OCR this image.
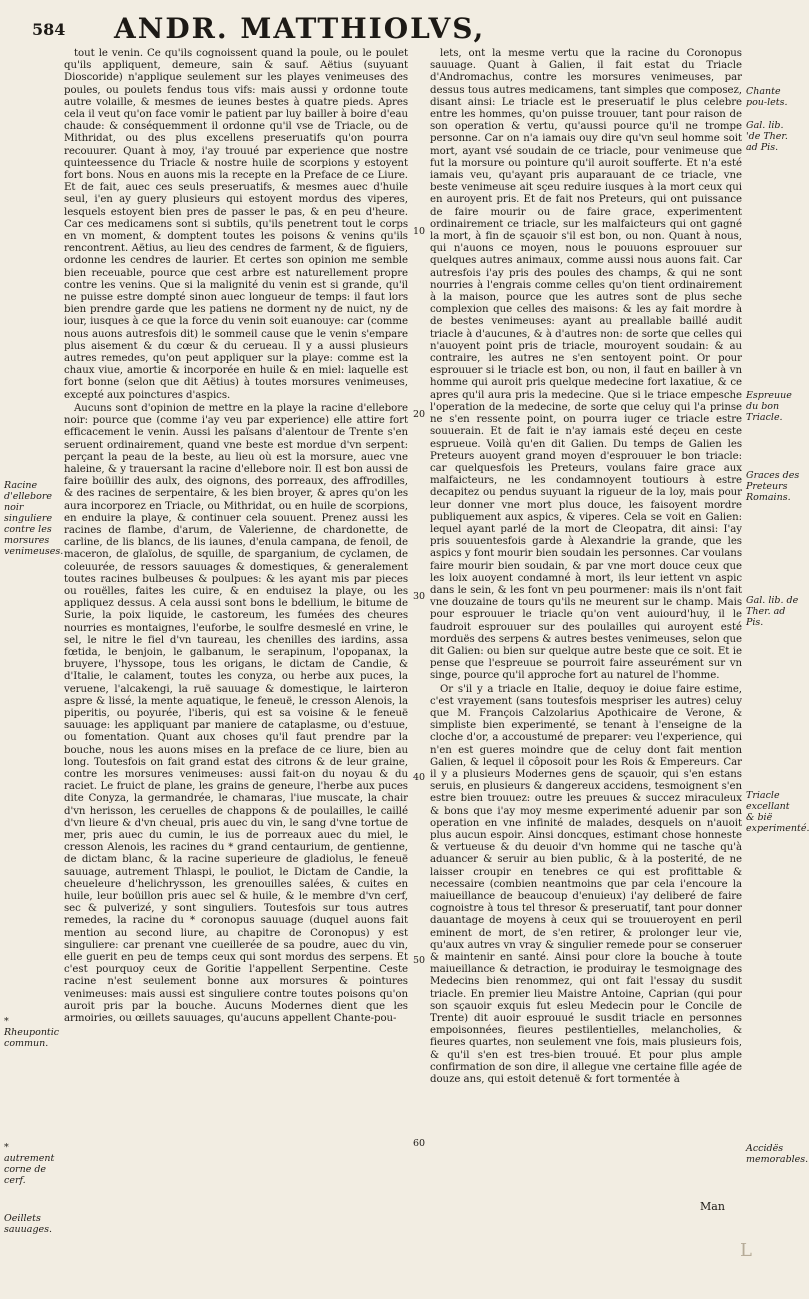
584 ANDR. MATTHIOLVS,

tout le venin. Ce qu'ils cognoissent quand la poule, ou le poulet qu'ils appliquent, demeure, sain & sauf. Aëtius (suyuant Dioscoride) n'applique seulement sur les playes venimeuses des poules, ou poulets fendus tous vifs: mais aussi y ordonne toute autre volaille, & mesmes de ieunes bestes à quatre pieds. Apres cela il veut qu'on face vomir le patient par luy bailler à boire d'eau chaude: & conséquemment il ordonne qu'il vse de Triacle, ou de Mithridat, ou des plus excellens preseruatifs qu'on pourra recouurer. Quant à moy, i'ay trouué par experience que nostre quinteessence du Triacle & nostre huile de scorpions y estoyent fort bons. Nous en auons mis la recepte en la Preface de ce Liure. Et de fait, auec ces seuls preseruatifs, & mesmes auec d'huile seul, i'en ay guery plusieurs qui estoyent mordus des viperes, lesquels estoyent bien pres de passer le pas, & en peu d'heure. Car ces medicamens sont si subtils, qu'ils penetrent tout le corps en vn moment, & domptent toutes les poisons & venins qu'ils rencontrent. Aëtius, au lieu des cendres de farment, & de figuiers, ordonne les cendres de laurier. Et certes son opinion me semble bien receuable, pource que cest arbre est naturellement propre contre les venins. Que si la malignité du venin est si grande, qu'il ne puisse estre dompté sinon auec longueur de temps: il faut lors bien prendre garde que les patiens ne dorment ny de nuict, ny de iour, iusques à ce que la force du venin soit euanouye: car (comme nous auons autresfois dit) le sommeil cause que le venin s'empare plus aisement & du cœur & du cerueau. Il y a aussi plusieurs autres remedes, qu'on peut appliquer sur la playe: comme est la chaux viue, amortie & incorporée en huile & en miel: laquelle est fort bonne (selon que dit Aëtius) à toutes morsures venimeuses, excepté aux poinctures d'aspics.

Aucuns sont d'opinion de mettre en la playe la racine d'ellebore noir: pource que (comme i'ay veu par experience) elle attire fort efficacement le venin. Aussi les païsans d'alentour de Trente s'en seruent ordinairement, quand vne beste est mordue d'vn serpent: perçant la peau de la beste, au lieu où est la morsure, auec vne haleine, & y trauersant la racine d'ellebore noir. Il est bon aussi de faire boüillir des aulx, des oignons, des porreaux, des affrodilles, & des racines de serpentaire, & les bien broyer, & apres qu'on les aura incorporez en Triacle, ou Mithridat, ou en huile de scorpions, en enduire la playe, & continuer cela souuent. Prenez aussi les racines de flambe, d'arum, de Valerienne, de chardonette, de carline, de lis blancs, de lis iaunes, d'enula campana, de fenoil, de maceron, de glaïolus, de squille, de sparganium, de cyclamen, de coleuurée, de ressors sauuages & domestiques, & generalement toutes racines bulbeuses & poulpues: & les ayant mis par pieces ou rouëlles, faites les cuire, & en enduisez la playe, ou les appliquez dessus. A cela aussi sont bons le bdellium, le bitume de Surie, la poix liquide, le castoreum, les fumées des cheures nourries es montaignes, l'euforbe, le soulfre desmeslé en vrine, le sel, le nitre le fiel d'vn taureau, les chenilles des iardins, assa fœtida, le benjoin, le galbanum, le serapinum, l'opopanax, la bruyere, l'hyssope, tous les origans, le dictam de Candie, & d'Italie, le calament, toutes les conyza, ou herbe aux puces, la veruene, l'alcakengi, la ruë sauuage & domestique, le lairteron aspre & lissé, la mente aquatique, le feneuë, le cresson Alenois, la piperitis, ou poyurée, l'iberis, qui est sa voisine & le feneuë sauuage: les appliquant par maniere de cataplasme, ou d'estuue, ou fomentation. Quant aux choses qu'il faut prendre par la bouche, nous les auons mises en la preface de ce liure, bien au long. Toutesfois on fait grand estat des citrons & de leur graine, contre les morsures venimeuses: aussi fait-on du noyau & du raciet. Le fruict de plane, les grains de geneure, l'herbe aux puces dite Conyza, la germandrée, le chamaras, l'iue muscate, la chair d'vn herisson, les ceruelles de chappons & de poulailles, le caillé d'vn lieure & d'vn cheual, pris auec du vin, le sang d'vne tortue de mer, pris auec du cumin, le ius de porreaux auec du miel, le cresson Alenois, les racines du * grand centaurium, de gentienne, de dictam blanc, & la racine superieure de gladiolus, le feneuë sauuage, autrement Thlaspi, le pouliot, le Dictam de Candie, la cheueleure d'helichrysson, les grenouilles salées, & cuites en huile, leur boüillon pris auec sel & huile, & le membre d'vn cerf, sec & pulverizé, y sont singuliers. Toutesfois sur tous autres remedes, la racine du * coronopus sauuage (duquel auons fait mention au second liure, au chapitre de Coronopus) y est singuliere: car prenant vne cueillerée de sa poudre, auec du vin, elle guerit en peu de temps ceux qui sont mordus des serpens. Et c'est pourquoy ceux de Goritie l'appellent Serpentine. Ceste racine n'est seulement bonne aux morsures & pointures venimeuses: mais aussi est singuliere contre toutes poisons qu'on auroit pris par la bouche. Aucuns Modernes dient que les armoiries, ou œillets sauuages, qu'aucuns appellent Chante-pou-

lets, ont la mesme vertu que la racine du Coronopus sauuage. Quant à Galien, il fait estat du Triacle d'Andromachus, contre les morsures venimeuses, par dessus tous autres medicamens, tant simples que composez, disant ainsi: Le triacle est le preseruatif le plus celebre entre les hommes, qu'on puisse trouuer, tant pour raison de son operation & vertu, qu'aussi pource qu'il ne trompe personne. Car on n'a iamais ouy dire qu'vn seul homme soit mort, ayant vsé soudain de ce triacle, pour venimeuse que fut la morsure ou pointure qu'il auroit soufferte. Et n'a esté iamais veu, qu'ayant pris auparauant de ce triacle, vne beste venimeuse ait sçeu reduire iusques à la mort ceux qui en auroyent pris. Et de fait nos Preteurs, qui ont puissance de faire mourir ou de faire grace, experimentent ordinairement ce triacle, sur les malfaicteurs qui ont gagné la mort, à fin de sçauoir s'il est bon, ou non. Quant à nous, qui n'auons ce moyen, nous le pouuons esprouuer sur quelques autres animaux, comme aussi nous auons fait. Car autresfois i'ay pris des poules des champs, & qui ne sont nourries à l'engrais comme celles qu'on tient ordinairement à la maison, pource que les autres sont de plus seche complexion que celles des maisons: & les ay fait mordre à de bestes venimeuses: ayant au preallable baillé audit triacle à d'aucunes, & à d'autres non: de sorte que celles qui n'auoyent point pris de triacle, mouroyent soudain: & au contraire, les autres ne s'en sentoyent point. Or pour esprouuer si le triacle est bon, ou non, il faut en bailler à vn homme qui auroit pris quelque medecine fort laxatiue, & ce apres qu'il aura pris la medecine. Que si le triace empesche l'operation de la medecine, de sorte que celuy qui l'a prinse ne s'en ressente point, on pourra iuger ce triacle estre souuerain. Et de fait ie n'ay iamais esté deçeu en ceste esprueue. Voilà qu'en dit Galien. Du temps de Galien les Preteurs auoyent grand moyen d'esprouuer le bon triacle: car quelquesfois les Preteurs, voulans faire grace aux malfaicteurs, ne les condamnoyent toutiours à estre decapitez ou pendus suyuant la rigueur de la loy, mais pour leur donner vne mort plus douce, les faisoyent mordre publiquement aux aspics, & viperes. Cela se voit en Galien: lequel ayant parlé de la mort de Cleopatra, dit ainsi: I'ay pris souuentesfois garde à Alexandrie la grande, que les aspics y font mourir bien soudain les personnes. Car voulans faire mourir bien soudain, & par vne mort douce ceux que les loix auoyent condamné à mort, ils leur iettent vn aspic dans le sein, & les font vn peu pourmener: mais ils n'ont fait vne douzaine de tours qu'ils ne meurent sur le champ. Mais pour esprouuer le triacle qu'on vent auiourd'huy, il le faudroit esprouuer sur des poulailles qui auroyent esté morduës des serpens & autres bestes venimeuses, selon que dit Galien: ou bien sur quelque autre beste que ce soit. Et ie pense que l'espreuue se pourroit faire asseurément sur vn singe, pource qu'il approche fort au naturel de l'homme.

Or s'il y a triacle en Italie, dequoy ie doiue faire estime, c'est vrayement (sans toutesfois mespriser les autres) celuy que M. François Calzolarius Apothicaire de Verone, & simpliste bien experimenté, se tenant à l'enseigne de la cloche d'or, a accoustumé de preparer: veu l'experience, qui n'en est gueres moindre que de celuy dont fait mention Galien, & lequel il côposoit pour les Rois & Empereurs. Car il y a plusieurs Modernes gens de sçauoir, qui s'en estans seruis, en plusieurs & dangereux accidens, tesmoignent s'en estre bien trouuez: outre les preuues & succez miraculeux & bons que i'ay moy mesme experimenté aduenir par son operation en vne infinité de malades, desquels on n'auoit plus aucun espoir. Ainsi doncques, estimant chose honneste & vertueuse & du deuoir d'vn homme qui ne tasche qu'à aduancer & seruir au bien public, & à la posterité, de ne laisser croupir en tenebres ce qui est profittable & necessaire (combien neantmoins que par cela i'encoure la maiueillance de beaucoup d'enuieux) i'ay deliberé de faire cognoistre à tous tel thresor & preseruatif, tant pour donner dauantage de moyens à ceux qui se trouueroyent en peril eminent de mort, de s'en retirer, & prolonger leur vie, qu'aux autres vn vray & singulier remede pour se conseruer & maintenir en santé. Ainsi pour clore la bouche à toute maiueillance & detraction, ie produiray le tesmoignage des Medecins bien renommez, qui ont fait l'essay du susdit triacle. En premier lieu Maistre Antoine, Caprian (qui pour son sçauoir exquis fut esleu Medecin pour le Concile de Trente) dit auoir esprouué le susdit triacle en personnes empoisonnées, fieures pestilentielles, melancholies, & fieures quartes, non seulement vne fois, mais plusieurs fois, & qu'il s'en est tres-bien trouué. Et pour plus ample confirmation de son dire, il allegue vne certaine fille agée de douze ans, qui estoit detenuë & fort tormentée à

10
20
30
40
50
60
Racine d'ellebore noir singuliere contre les morsures venimeuses.
* Rheupontic commun.
* autrement corne de cerf.
Oeillets sauuages.
Chante pou-lets.
Gal. lib. 'de Ther. ad Pis.
Espreuue du bon Triacle.
Graces des Preteurs Romains.
Gal. lib. de Ther. ad Pis.
Triacle excellant & bië experimenté.
Accidës memorables.
Man
L
